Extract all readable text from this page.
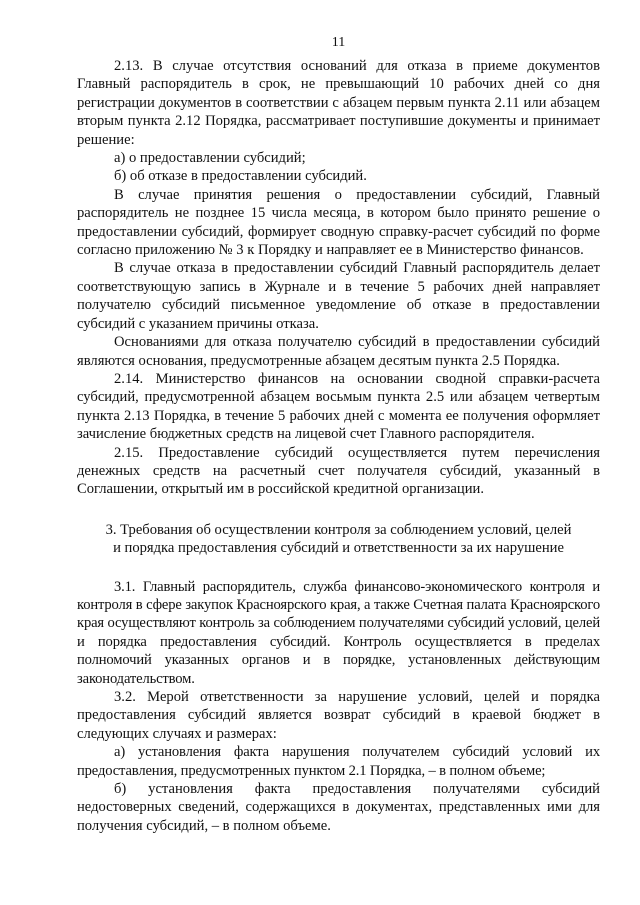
11

2.13. В случае отсутствия оснований для отказа в приеме документов Главный распорядитель в срок, не превышающий 10 рабочих дней со дня регистрации документов в соответствии с абзацем первым пункта 2.11 или абзацем вторым пункта 2.12 Порядка, рассматривает поступившие документы и принимает решение:

а) о предоставлении субсидий;

б) об отказе в предоставлении субсидий.

В случае принятия решения о предоставлении субсидий, Главный распорядитель не позднее 15 числа месяца, в котором было принято решение о предоставлении субсидий, формирует сводную справку-расчет субсидий по форме согласно приложению № 3 к Порядку и направляет ее в Министерство финансов.

В случае отказа в предоставлении субсидий Главный распорядитель делает соответствующую запись в Журнале и в течение 5 рабочих дней направляет получателю субсидий письменное уведомление об отказе в предоставлении субсидий с указанием причины отказа.

Основаниями для отказа получателю субсидий в предоставлении субсидий являются основания, предусмотренные абзацем десятым пункта 2.5 Порядка.

2.14. Министерство финансов на основании сводной справки-расчета субсидий, предусмотренной абзацем восьмым пункта 2.5 или абзацем четвертым пункта 2.13 Порядка, в течение 5 рабочих дней с момента ее получения оформляет зачисление бюджетных средств на лицевой счет Главного распорядителя.

2.15. Предоставление субсидий осуществляется путем перечисления денежных средств на расчетный счет получателя субсидий, указанный в Соглашении, открытый им в российской кредитной организации.

3. Требования об осуществлении контроля за соблюдением условий, целей
и порядка предоставления субсидий и ответственности за их нарушение

3.1. Главный распорядитель, служба финансово-экономического контроля и контроля в сфере закупок Красноярского края, а также Счетная палата Красноярского края осуществляют контроль за соблюдением получателями субсидий условий, целей и порядка предоставления субсидий. Контроль осуществляется в пределах полномочий указанных органов и в порядке, установленных действующим законодательством.

3.2. Мерой ответственности за нарушение условий, целей и порядка предоставления субсидий является возврат субсидий в краевой бюджет в следующих случаях и размерах:

а) установления факта нарушения получателем субсидий условий их предоставления, предусмотренных пунктом 2.1 Порядка, – в полном объеме;

б) установления факта предоставления получателями субсидий недостоверных сведений, содержащихся в документах, представленных ими для получения субсидий, – в полном объеме.
